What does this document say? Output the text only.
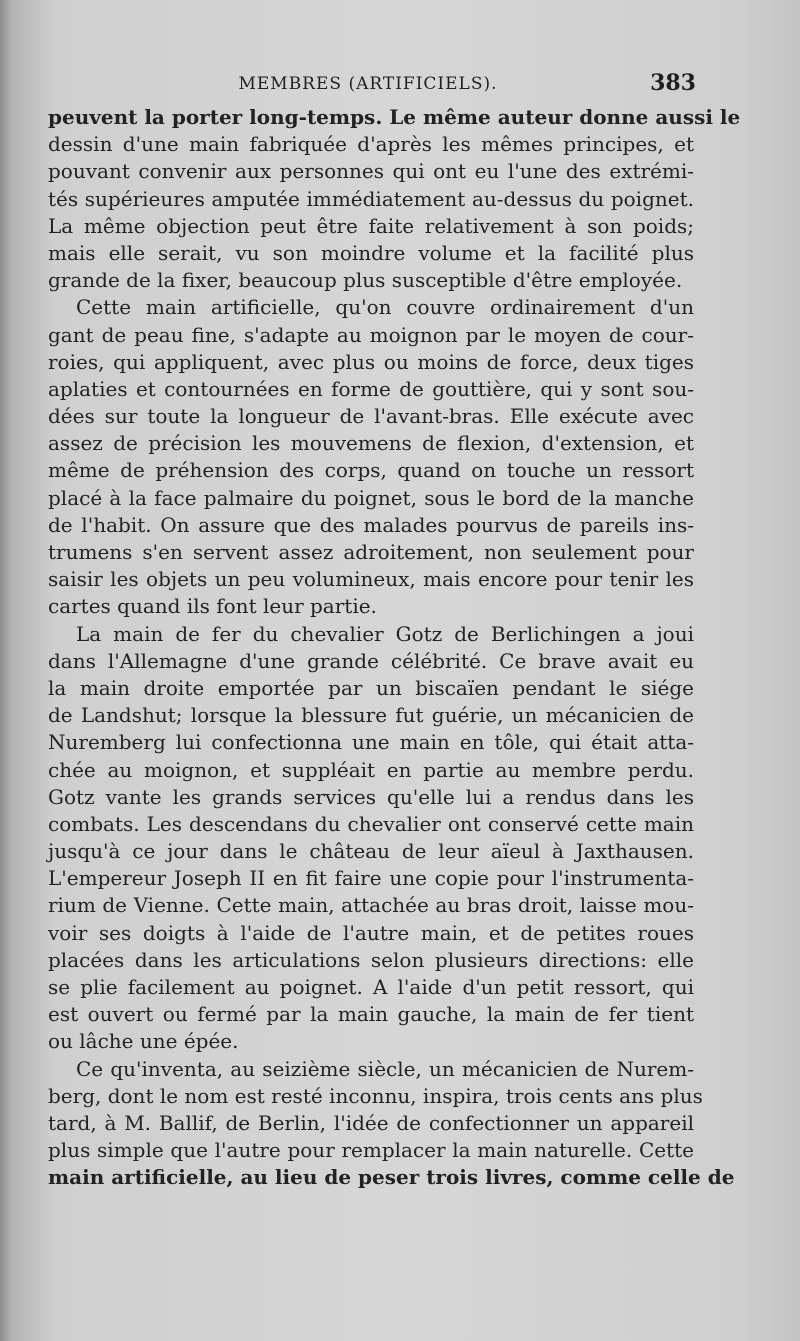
MEMBRES (ARTIFICIELS).	383
peuvent la porter long-temps. Le même auteur donne aussi le
dessin d'une main fabriquée d'après les mêmes principes, et
pouvant convenir aux personnes qui ont eu l'une des extrémi-
tés supérieures amputée immédiatement au-dessus du poignet.
La même objection peut être faite relativement à son poids;
mais elle serait, vu son moindre volume et la facilité plus
grande de la fixer, beaucoup plus susceptible d'être employée.
Cette main artificielle, qu'on couvre ordinairement d'un
gant de peau fine, s'adapte au moignon par le moyen de cour-
roies, qui appliquent, avec plus ou moins de force, deux tiges
aplaties et contournées en forme de gouttière, qui y sont sou-
dées sur toute la longueur de l'avant-bras. Elle exécute avec
assez de précision les mouvemens de flexion, d'extension, et
même de préhension des corps, quand on touche un ressort
placé à la face palmaire du poignet, sous le bord de la manche
de l'habit. On assure que des malades pourvus de pareils ins-
trumens s'en servent assez adroitement, non seulement pour
saisir les objets un peu volumineux, mais encore pour tenir les
cartes quand ils font leur partie.
La main de fer du chevalier Gotz de Berlichingen a joui
dans l'Allemagne d'une grande célébrité. Ce brave avait eu
la main droite emportée par un biscaïen pendant le siége
de Landshut; lorsque la blessure fut guérie, un mécanicien de
Nuremberg lui confectionna une main en tôle, qui était atta-
chée au moignon, et suppléait en partie au membre perdu.
Gotz vante les grands services qu'elle lui a rendus dans les
combats. Les descendans du chevalier ont conservé cette main
jusqu'à ce jour dans le château de leur aïeul à Jaxthausen.
L'empereur Joseph II en fit faire une copie pour l'instrumenta-
rium de Vienne. Cette main, attachée au bras droit, laisse mou-
voir ses doigts à l'aide de l'autre main, et de petites roues
placées dans les articulations selon plusieurs directions: elle
se plie facilement au poignet. A l'aide d'un petit ressort, qui
est ouvert ou fermé par la main gauche, la main de fer tient
ou lâche une épée.
Ce qu'inventa, au seizième siècle, un mécanicien de Nurem-
berg, dont le nom est resté inconnu, inspira, trois cents ans plus
tard, à M. Ballif, de Berlin, l'idée de confectionner un appareil
plus simple que l'autre pour remplacer la main naturelle. Cette
main artificielle, au lieu de peser trois livres, comme celle de
